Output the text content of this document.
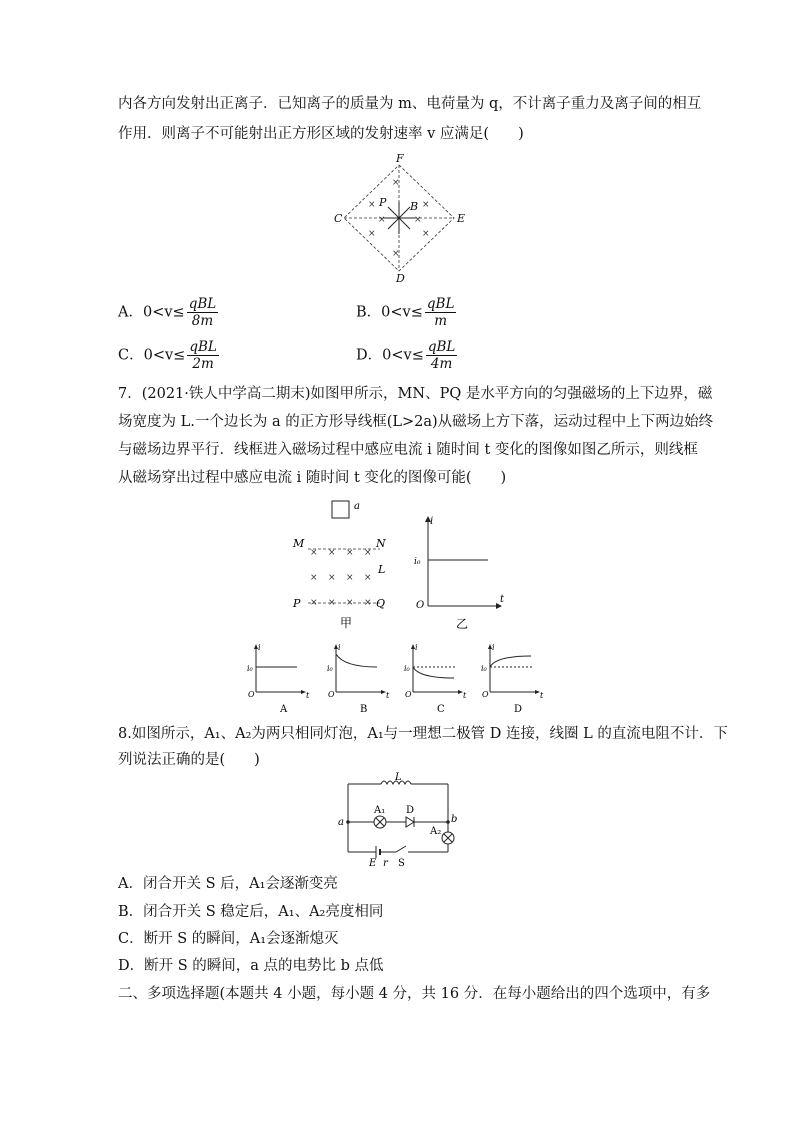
内各方向发射出正离子．已知离子的质量为 m、电荷量为 q，不计离子重力及离子间的相互
作用．则离子不可能射出正方形区域的发射速率 v 应满足(　　)
×
×	×
×	×
×
×	×
F
C	E
D
P B
A．$0<v\le \frac{\text{qBL}}{8m}$	B．$0<v\le \frac{\text{qBL}}{m}$
C．$0<v\le \frac{\text{qBL}}{2m}$	D．$0<v\le \frac{\text{qBL}}{4m}$
7．(2021·铁人中学高二期末)如图甲所示，MN、PQ 是水平方向的匀强磁场的上下边界，磁
场宽度为 L.一个边长为 a 的正方形导线框(L>2a)从磁场上方下落，运动过程中上下两边始终
与磁场边界平行．线框进入磁场过程中感应电流 i 随时间 t 变化的图像如图乙所示，则线框
从磁场穿出过程中感应电流 i 随时间 t 变化的图像可能(　　)
a
× × × ×
× × × ×
× × × ×
M	N
L
P	Q
甲
i
i₀
O
t
乙
i₀
i
O	t
A
i₀
i
O	t
B
i₀
i
O	t
C
i₀
i
O	t
D
8.如图所示，A₁、A₂为两只相同灯泡，A₁与一理想二极管 D 连接，线圈 L 的直流电阻不计．下
列说法正确的是(　　)
L
A₁ D
a	b
A₂
E r S
A．闭合开关 S 后，A₁会逐渐变亮
B．闭合开关 S 稳定后，A₁、A₂亮度相同
C．断开 S 的瞬间，A₁会逐渐熄灭
D．断开 S 的瞬间，a 点的电势比 b 点低
二、多项选择题(本题共 4 小题，每小题 4 分，共 16 分．在每小题给出的四个选项中，有多
